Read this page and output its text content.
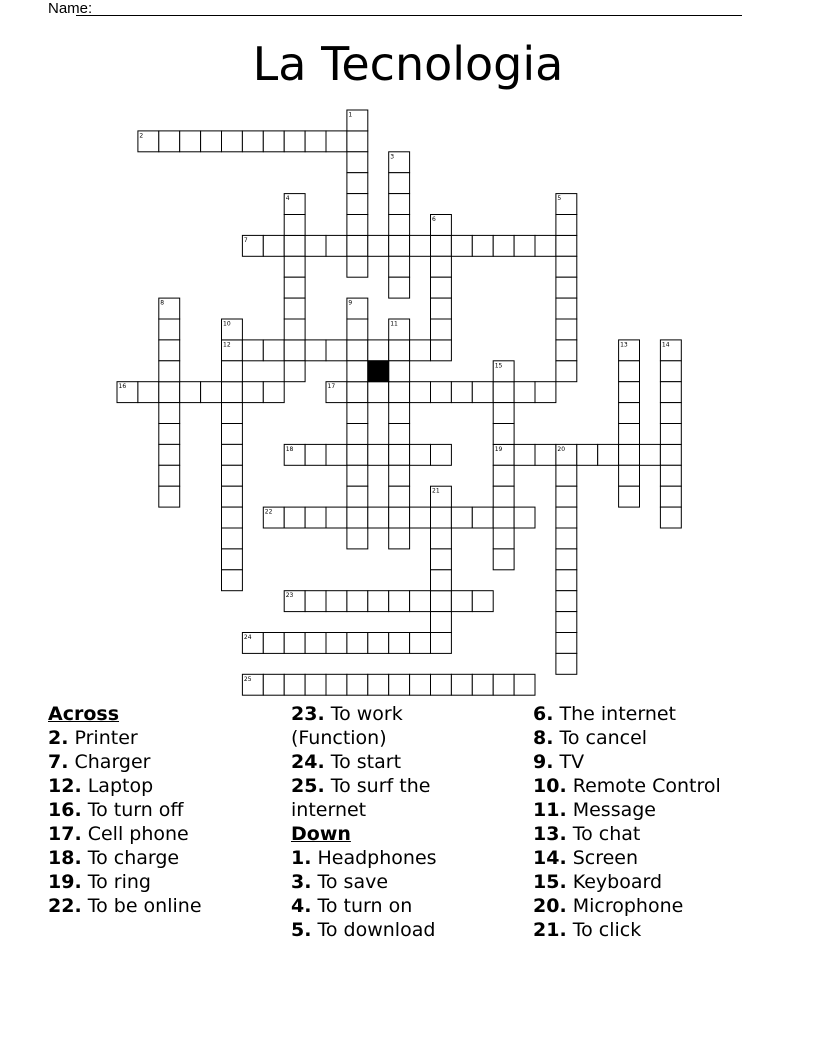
Name:
La Tecnologia
2
7
12
16	17
18	19
22
23
24
25
1
3
4	5
6
8	9
10	11
13	14
15
20
21
Across
2. Printer
7. Charger
12. Laptop
16. To turn off
17. Cell phone
18. To charge
19. To ring
22. To be online
23. To work (Function)
24. To start
25. To surf the internet
Down
1. Headphones
3. To save
4. To turn on
5. To download
6. The internet
8. To cancel
9. TV
10. Remote Control
11. Message
13. To chat
14. Screen
15. Keyboard
20. Microphone
21. To click
